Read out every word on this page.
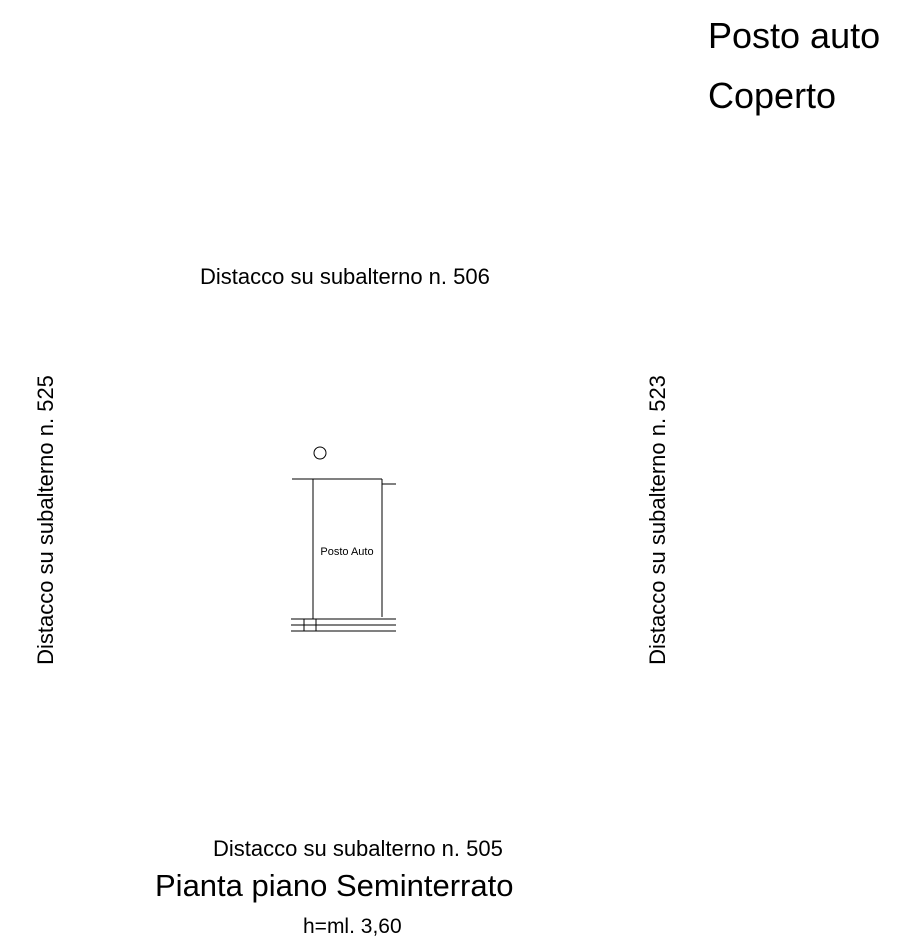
Posto auto
Coperto
Distacco su subalterno n. 506
Distacco su subalterno n. 525	Distacco su subalterno n. 523
Distacco su subalterno n. 505
Posto Auto
Pianta piano Seminterrato
h=ml. 3,60
